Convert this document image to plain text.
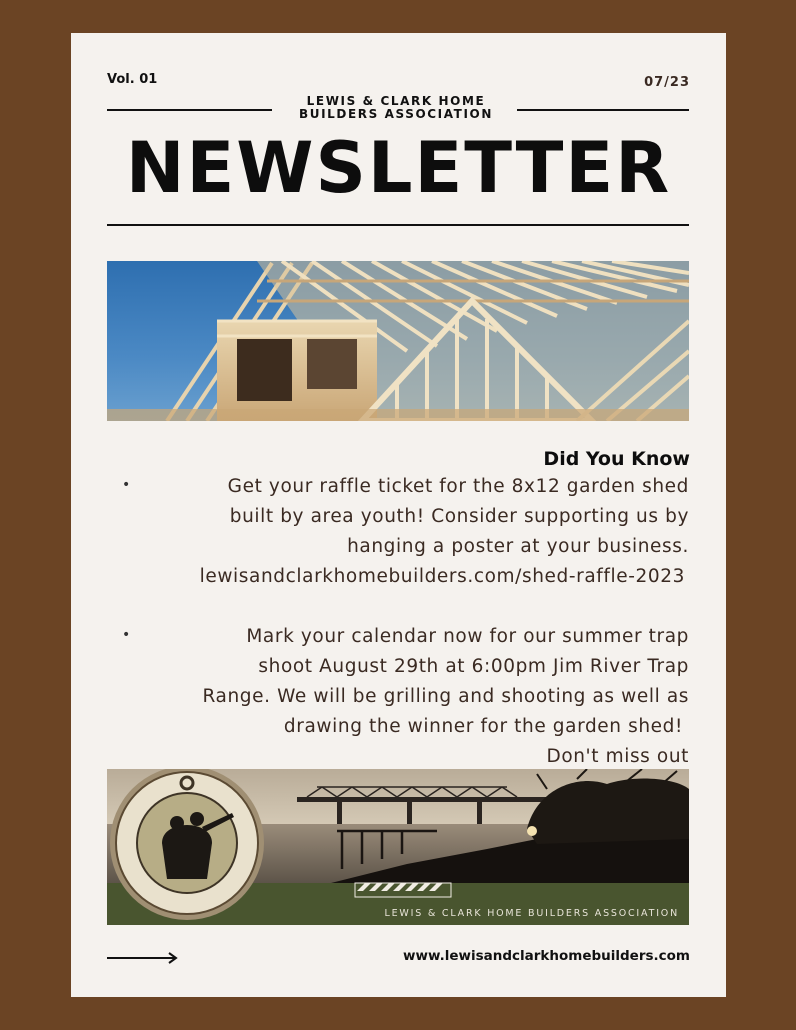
Vol. 01	07/23
LEWIS & CLARK HOME
BUILDERS ASSOCIATION
NEWSLETTER
Did You Know
•	Get your raffle ticket for the 8x12 garden shed

built by area youth! Consider supporting us by

hanging a poster at your business.

lewisandclarkhomebuilders.com/shed-raffle-2023

•	Mark your calendar now for our summer trap

shoot August 29th at 6:00pm Jim River Trap

Range. We will be grilling and shooting as well as

drawing the winner for the garden shed!

Don't miss out

LEWIS & CLARK HOME BUILDERS ASSOCIATION
www.lewisandclarkhomebuilders.com
